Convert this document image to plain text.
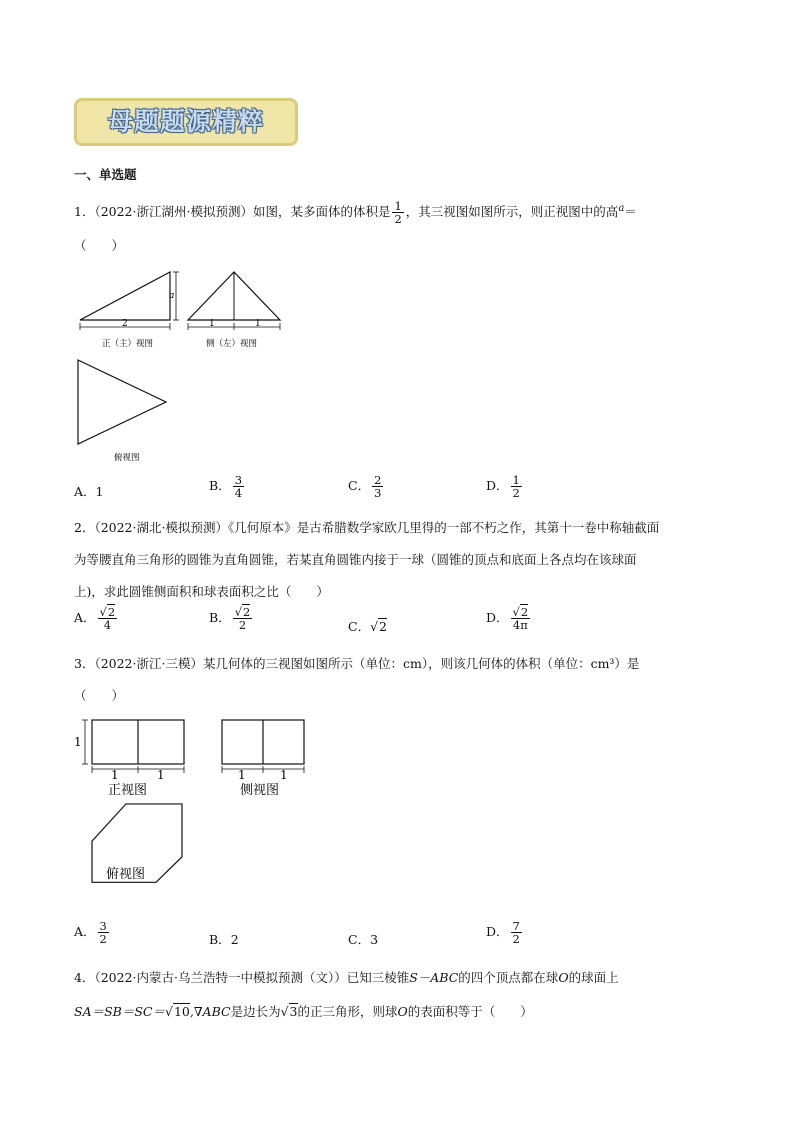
母题题源精粹
一、单选题
1．（2022·浙江湖州·模拟预测）如图，某多面体的体积是 $\frac{1}{2}$ ，其三视图如图所示，则正视图中的高$^a$＝
（　　）
a
2
正（主）视图
1	1
侧（左）视图
俯视图
A．1	B． $\frac{3}{4}$	C． $\frac{2}{3}$	D． $\frac{1}{2}$
2．（2022·湖北·模拟预测）《几何原本》是古希腊数学家欧几里得的一部不朽之作，其第十一卷中称轴截面
为等腰直角三角形的圆锥为直角圆锥，若某直角圆锥内接于一球（圆锥的顶点和底面上各点均在该球面
上)，求此圆锥侧面积和球表面积之比（　　）
A． $\frac{√2}{4}$	B． $\frac{√2}{2}$	C．√2
D． $\frac{√2}{4\pi}$
3．（2022·浙江·三模）某几何体的三视图如图所示（单位：cm），则该几何体的体积（单位：cm³）是
（　　）
1
1	1
正视图
1	1
侧视图
俯视图
A． $\frac{3}{2}$	B．2	C．3
D． $\frac{7}{2}$
4．（2022·内蒙古·乌兰浩特一中模拟预测（文））已知三棱锥S－ABC的四个顶点都在球O的球面上
SA＝SB＝SC＝√10,∇ABC是边长为√3的正三角形，则球O的表面积等于（　　）
